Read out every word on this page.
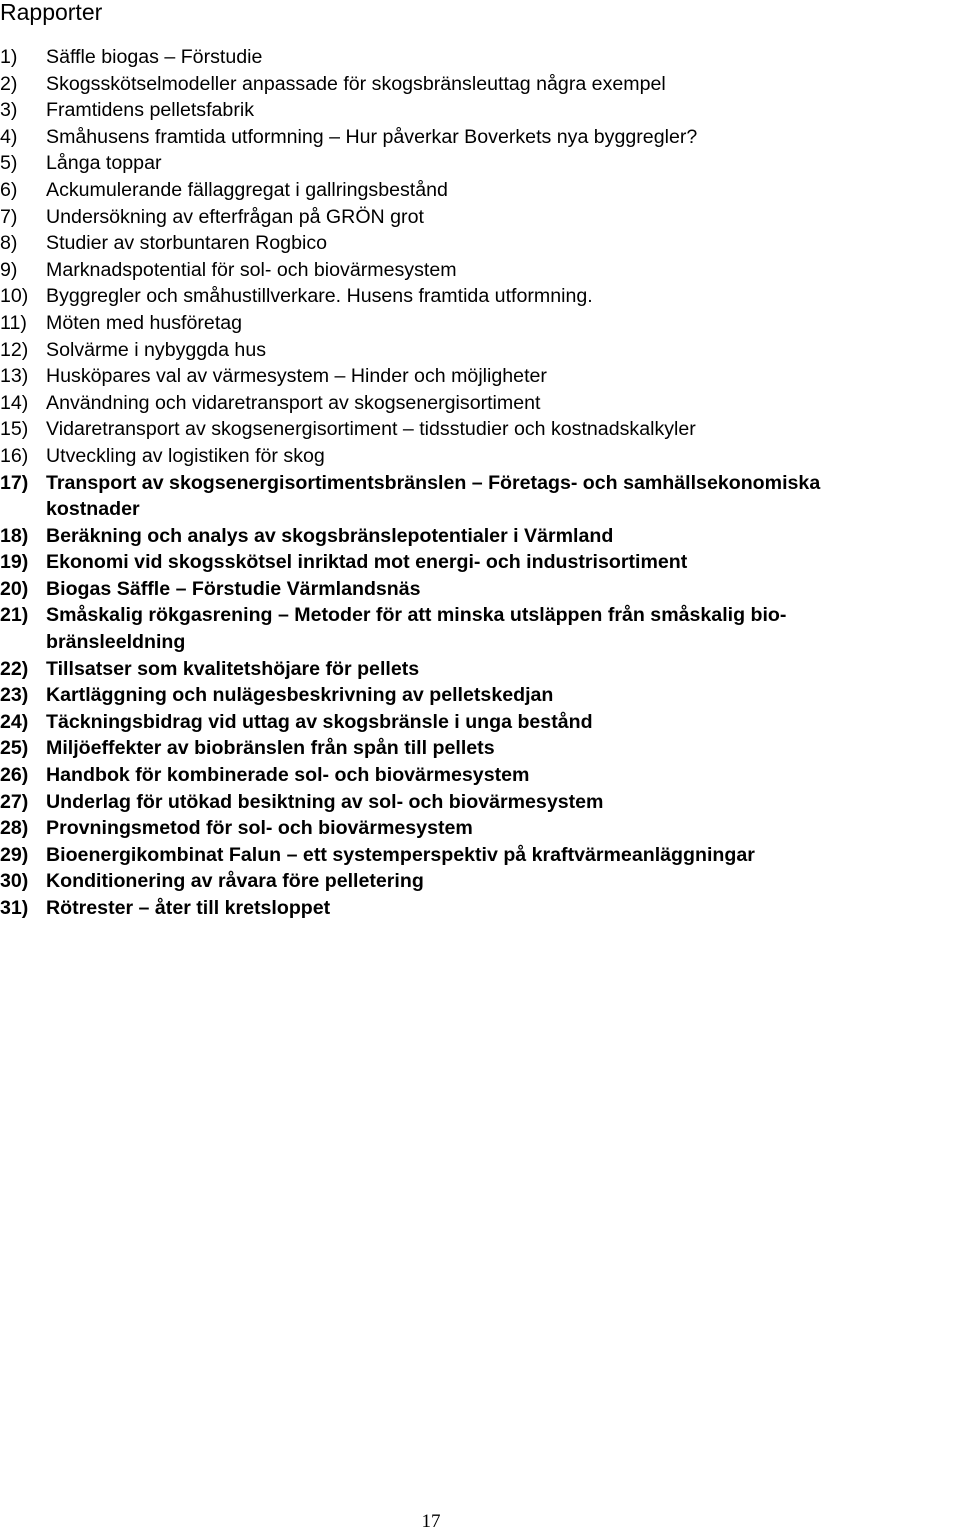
Rapporter
1) Säffle biogas – Förstudie
2) Skogsskötselmodeller anpassade för skogsbränsleuttag några exempel
3) Framtidens pelletsfabrik
4) Småhusens framtida utformning – Hur påverkar Boverkets nya byggregler?
5) Långa toppar
6) Ackumulerande fällaggregat i gallringsbestånd
7) Undersökning av efterfrågan på GRÖN grot
8) Studier av storbuntaren Rogbico
9) Marknadspotential för sol- och biovärmesystem
10) Byggregler och småhustillverkare. Husens framtida utformning.
11) Möten med husföretag
12) Solvärme i nybyggda hus
13) Husköpares val av värmesystem – Hinder och möjligheter
14) Användning och vidaretransport av skogsenergisortiment
15) Vidaretransport av skogsenergisortiment – tidsstudier och kostnadskalkyler
16) Utveckling av logistiken för skog
17) Transport av skogsenergisortimentsbränslen – Företags- och samhällsekonomiska
kostnader
18) Beräkning och analys av skogsbränslepotentialer i Värmland
19) Ekonomi vid skogsskötsel inriktad mot energi- och industrisortiment
20) Biogas Säffle – Förstudie Värmlandsnäs
21) Småskalig rökgasrening – Metoder för att minska utsläppen från småskalig bio-
bränsleeldning
22) Tillsatser som kvalitetshöjare för pellets
23) Kartläggning och nulägesbeskrivning av pelletskedjan
24) Täckningsbidrag vid uttag av skogsbränsle i unga bestånd
25) Miljöeffekter av biobränslen från spån till pellets
26) Handbok för kombinerade sol- och biovärmesystem
27) Underlag för utökad besiktning av sol- och biovärmesystem
28) Provningsmetod för sol- och biovärmesystem
29) Bioenergikombinat Falun – ett systemperspektiv på kraftvärmeanläggningar
30) Konditionering av råvara före pelletering
31) Rötrester – åter till kretsloppet
17
